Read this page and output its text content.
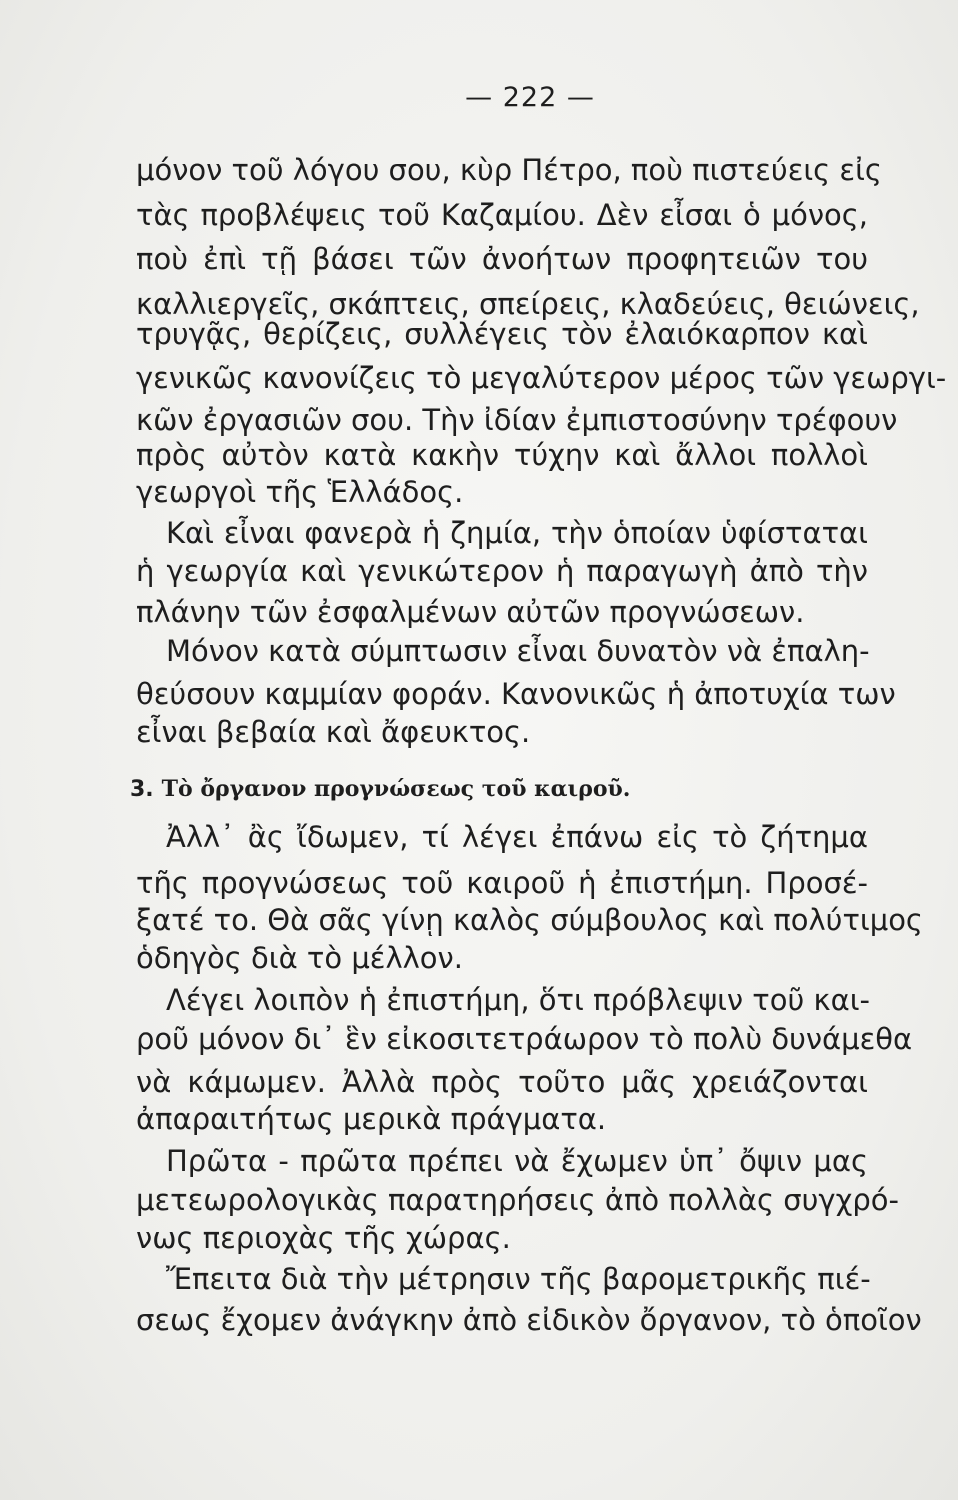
— 222 —
μόνον τοῦ λόγου σου, κὺρ Πέτρο, ποὺ πιστεύεις εἰς
τὰς προβλέψεις τοῦ Καζαμίου. Δὲν εἶσαι ὁ μόνος,
ποὺ ἐπὶ τῇ βάσει τῶν ἀνοήτων προφητειῶν του
καλλιεργεῖς, σκάπτεις, σπείρεις, κλαδεύεις, θειώνεις,
τρυγᾷς, θερίζεις, συλλέγεις τὸν ἐλαιόκαρπον καὶ
γενικῶς κανονίζεις τὸ μεγαλύτερον μέρος τῶν γεωργι-
κῶν ἐργασιῶν σου. Τὴν ἰδίαν ἐμπιστοσύνην τρέφουν
πρὸς αὐτὸν κατὰ κακὴν τύχην καὶ ἄλλοι πολλοὶ
γεωργοὶ τῆς Ἑλλάδος.
Καὶ εἶναι φανερὰ ἡ ζημία, τὴν ὁποίαν ὑφίσταται
ἡ γεωργία καὶ γενικώτερον ἡ παραγωγὴ ἀπὸ τὴν
πλάνην τῶν ἐσφαλμένων αὐτῶν προγνώσεων.
Μόνον κατὰ σύμπτωσιν εἶναι δυνατὸν νὰ ἐπαλη-
θεύσουν καμμίαν φοράν. Κανονικῶς ἡ ἀποτυχία των
εἶναι βεβαία καὶ ἄφευκτος.
3. Τὸ ὄργανον προγνώσεως τοῦ καιροῦ.
Ἀλλ᾽ ἂς ἴδωμεν, τί λέγει ἐπάνω εἰς τὸ ζήτημα
τῆς προγνώσεως τοῦ καιροῦ ἡ ἐπιστήμη. Προσέ-
ξατέ το. Θὰ σᾶς γίνῃ καλὸς σύμβουλος καὶ πολύτιμος
ὁδηγὸς διὰ τὸ μέλλον.
Λέγει λοιπὸν ἡ ἐπιστήμη, ὅτι πρόβλεψιν τοῦ και-
ροῦ μόνον δι᾽ ἓν εἰκοσιτετράωρον τὸ πολὺ δυνάμεθα
νὰ κάμωμεν. Ἀλλὰ πρὸς τοῦτο μᾶς χρειάζονται
ἀπαραιτήτως μερικὰ πράγματα.
Πρῶτα - πρῶτα πρέπει νὰ ἔχωμεν ὑπ᾽ ὄψιν μας
μετεωρολογικὰς παρατηρήσεις ἀπὸ πολλὰς συγχρό-
νως περιοχὰς τῆς χώρας.
Ἔπειτα διὰ τὴν μέτρησιν τῆς βαρομετρικῆς πιέ-
σεως ἔχομεν ἀνάγκην ἀπὸ εἰδικὸν ὄργανον, τὸ ὁποῖον
